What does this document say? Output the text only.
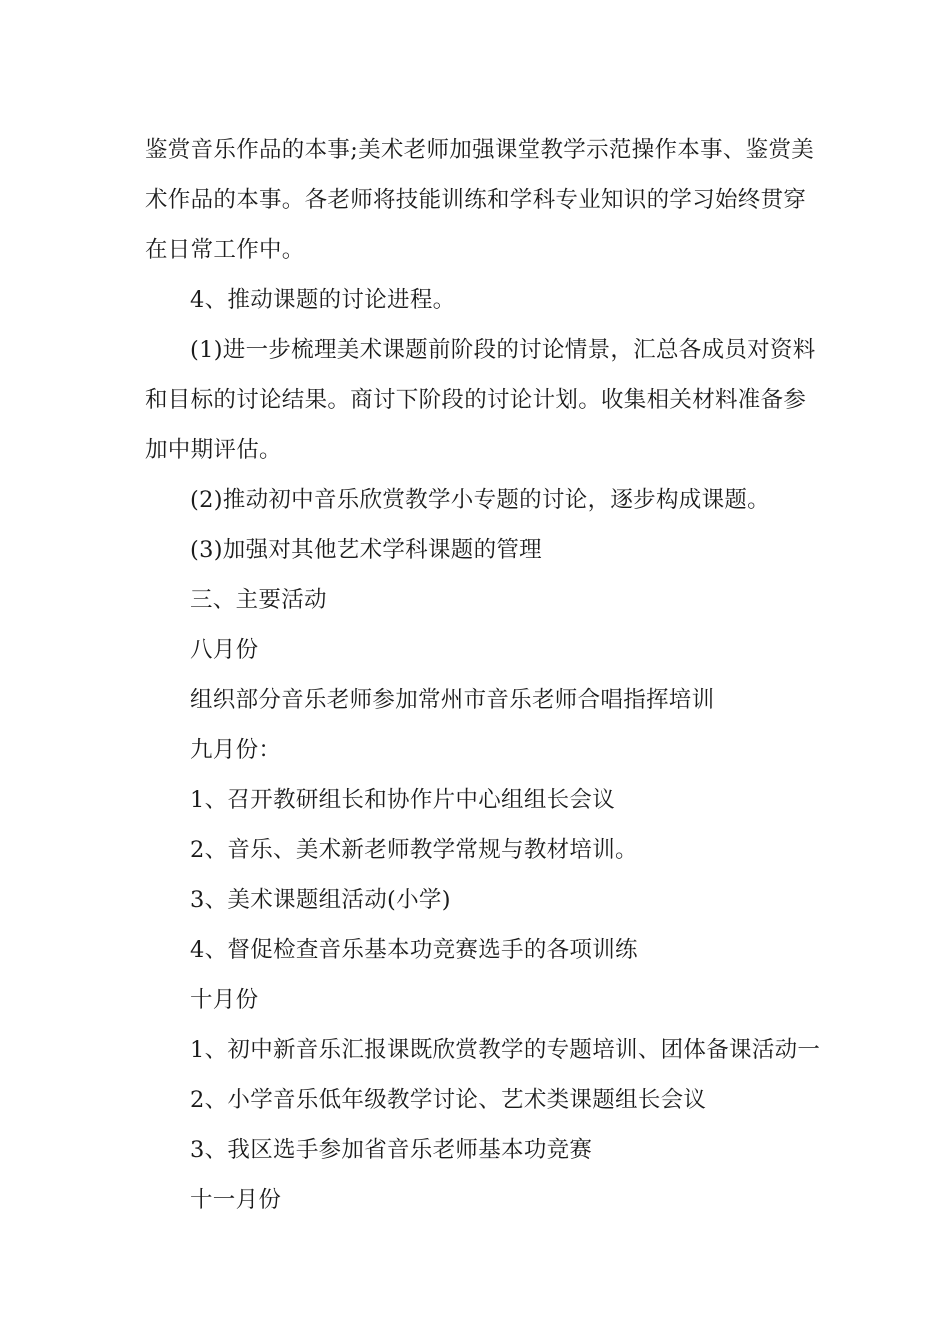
鉴赏音乐作品的本事;美术老师加强课堂教学示范操作本事、鉴赏美
术作品的本事。各老师将技能训练和学科专业知识的学习始终贯穿
在日常工作中。
4、推动课题的讨论进程。
(1)进一步梳理美术课题前阶段的讨论情景，汇总各成员对资料
和目标的讨论结果。商讨下阶段的讨论计划。收集相关材料准备参
加中期评估。
(2)推动初中音乐欣赏教学小专题的讨论，逐步构成课题。
(3)加强对其他艺术学科课题的管理
三、主要活动
八月份
组织部分音乐老师参加常州市音乐老师合唱指挥培训
九月份：
1、召开教研组长和协作片中心组组长会议
2、音乐、美术新老师教学常规与教材培训。
3、美术课题组活动(小学)
4、督促检查音乐基本功竞赛选手的各项训练
十月份
1、初中新音乐汇报课既欣赏教学的专题培训、团体备课活动一
2、小学音乐低年级教学讨论、艺术类课题组长会议
3、我区选手参加省音乐老师基本功竞赛
十一月份
